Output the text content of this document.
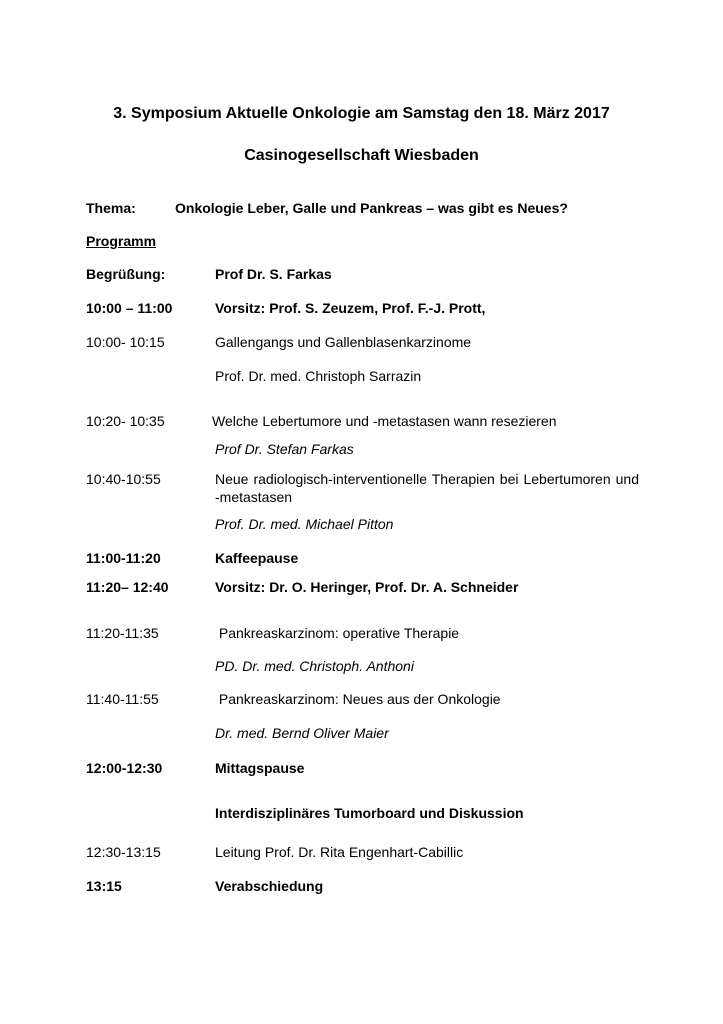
3. Symposium Aktuelle Onkologie am Samstag den 18. März 2017
Casinogesellschaft Wiesbaden
Thema:	Onkologie Leber, Galle und Pankreas – was gibt es Neues?
Programm
Begrüßung:	Prof Dr. S. Farkas
10:00 – 11:00	Vorsitz: Prof. S. Zeuzem, Prof. F.-J. Prott,
10:00- 10:15	Gallengangs und Gallenblasenkarzinome
Prof. Dr. med. Christoph Sarrazin
10:20- 10:35	Welche Lebertumore und -metastasen wann resezieren
Prof Dr. Stefan Farkas
10:40-10:55	Neue radiologisch-interventionelle Therapien bei Lebertumoren und -metastasen
Prof. Dr. med. Michael Pitton
11:00-11:20	Kaffeepause
11:20– 12:40	Vorsitz: Dr. O. Heringer, Prof. Dr. A. Schneider
11:20-11:35	Pankreaskarzinom: operative Therapie
PD. Dr. med. Christoph. Anthoni
11:40-11:55	Pankreaskarzinom: Neues aus der Onkologie
Dr. med. Bernd Oliver Maier
12:00-12:30	Mittagspause
Interdisziplinäres Tumorboard und Diskussion
12:30-13:15	Leitung Prof. Dr. Rita Engenhart-Cabillic
13:15	Verabschiedung
